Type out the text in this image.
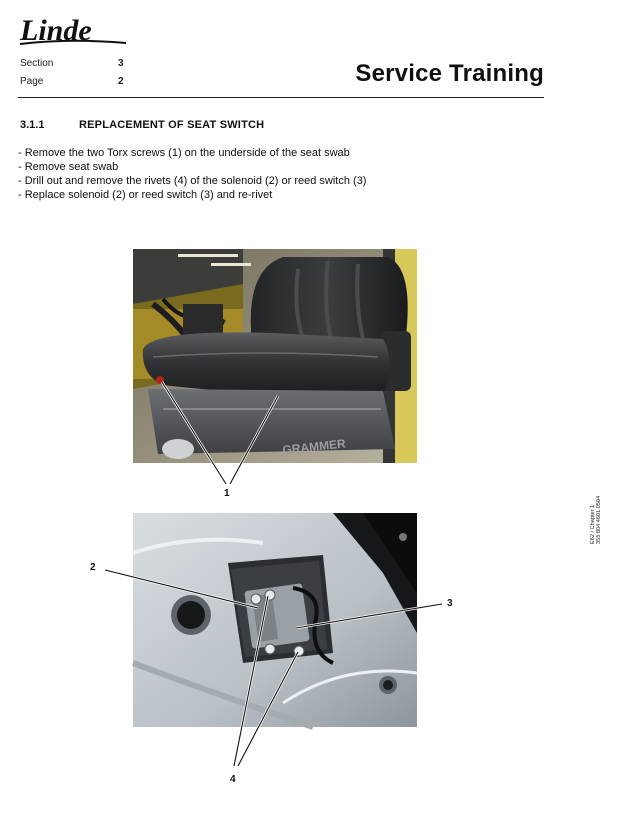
Linde
Section	3
Page	2	Service Training
3.1.1	REPLACEMENT OF SEAT SWITCH
- Remove the two Torx screws (1) on the underside of the seat swab
- Remove seat swab
- Drill out and remove the rivets (4) of the solenoid (2) or reed switch (3)
- Replace solenoid (2) or reed switch (3) and re-rivet
E62 / Chapter 1 355 804 4601.0504
GRAMMER
1
2
3
4
